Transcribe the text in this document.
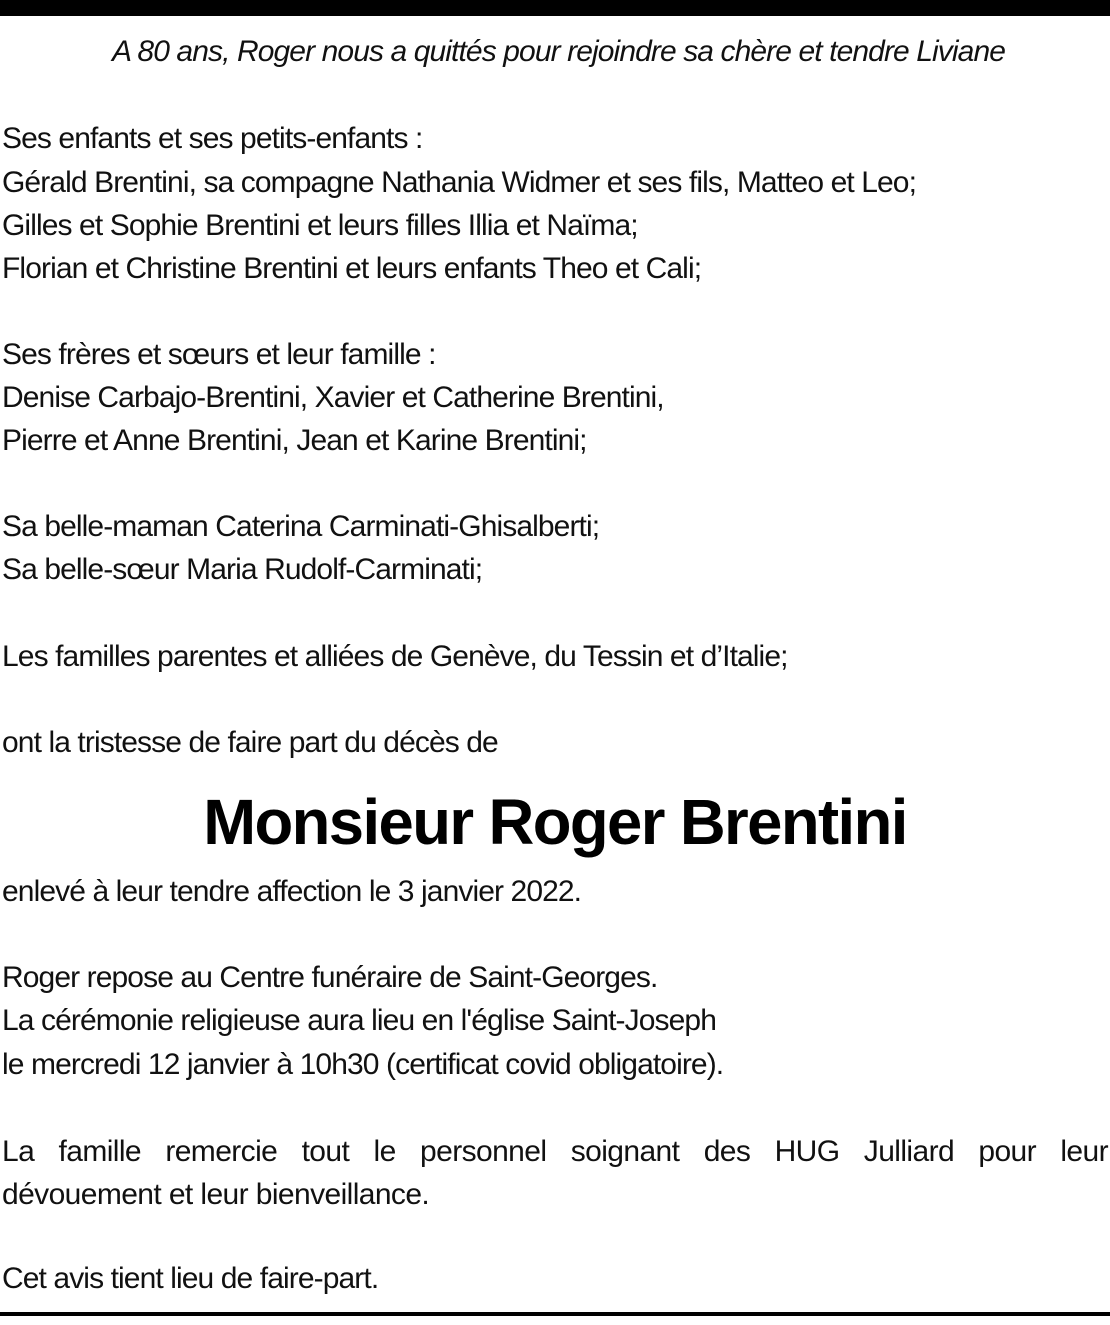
A 80 ans, Roger nous a quittés pour rejoindre sa chère et tendre Liviane
Ses enfants et ses petits-enfants :
Gérald Brentini, sa compagne Nathania Widmer et ses fils, Matteo et Leo;
Gilles et Sophie Brentini et leurs filles Illia et Naïma;
Florian et Christine Brentini et leurs enfants Theo et Cali;
Ses frères et sœurs et leur famille :
Denise Carbajo-Brentini, Xavier et Catherine Brentini,
Pierre et Anne Brentini, Jean et Karine Brentini;
Sa belle-maman Caterina Carminati-Ghisalberti;
Sa belle-sœur Maria Rudolf-Carminati;
Les familles parentes et alliées de Genève, du Tessin et d’Italie;
ont la tristesse de faire part du décès de
Monsieur Roger Brentini
enlevé à leur tendre affection le 3 janvier 2022.
Roger repose au Centre funéraire de Saint-Georges.
La cérémonie religieuse aura lieu en l'église Saint-Joseph
le mercredi 12 janvier à 10h30 (certificat covid obligatoire).
La famille remercie tout le personnel soignant des HUG Julliard pour leur
dévouement et leur bienveillance.
Cet avis tient lieu de faire-part.
